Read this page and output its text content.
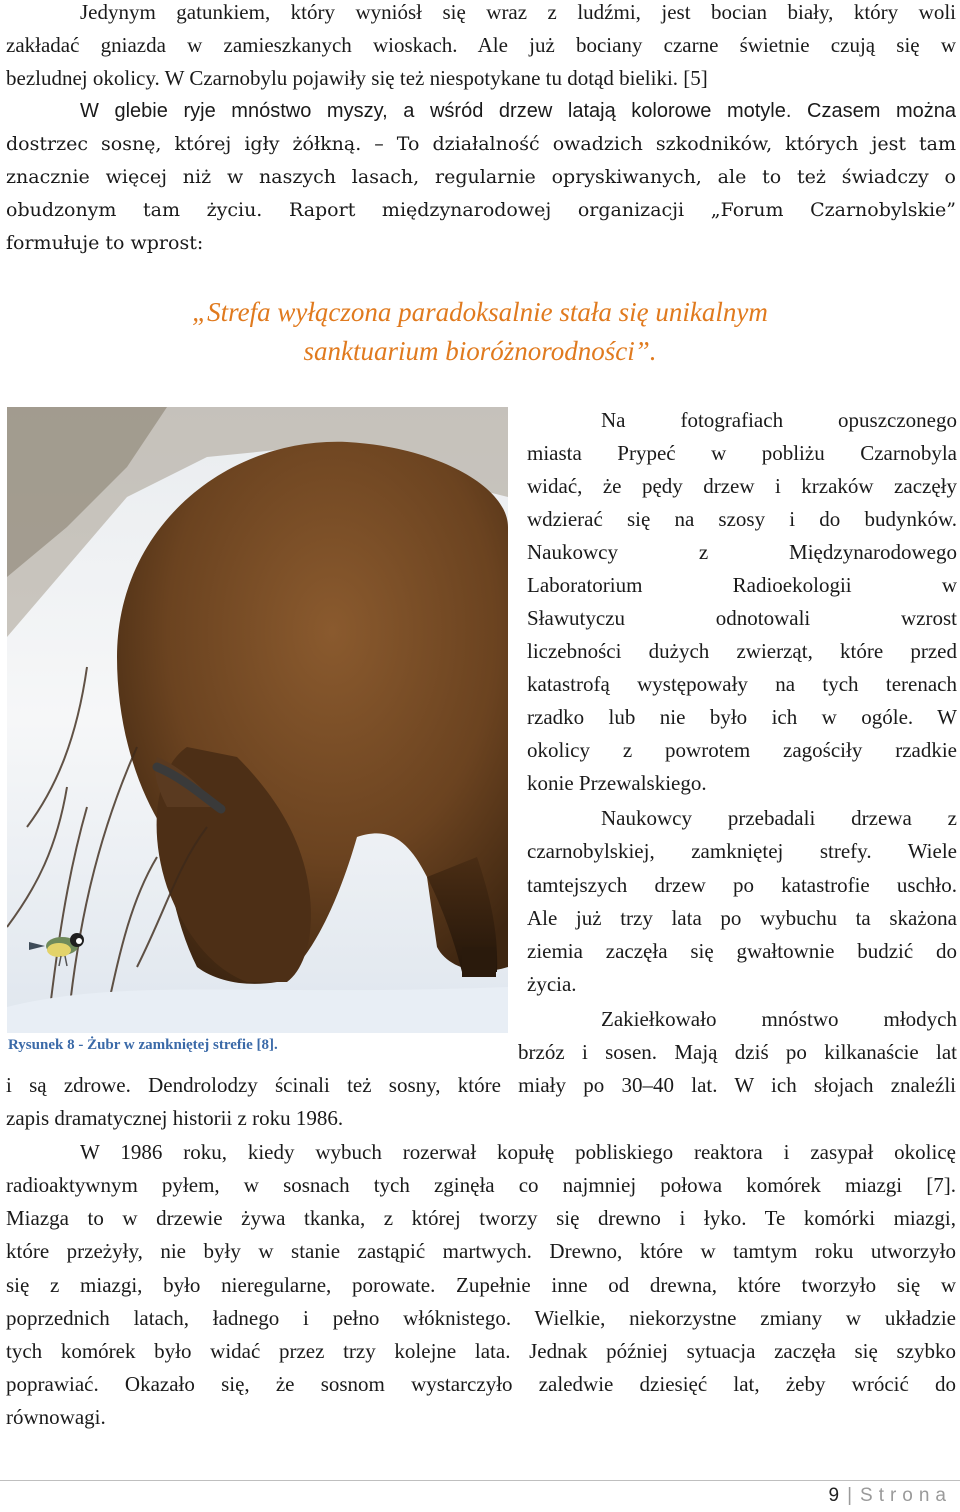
Jedynym gatunkiem, który wyniósł się wraz z ludźmi, jest bocian biały, który woli
zakładać gniazda w zamieszkanych wioskach. Ale już bociany czarne świetnie czują się w
bezludnej okolicy. W Czarnobylu pojawiły się też niespotykane tu dotąd bieliki. [5]
W glebie ryje mnóstwo myszy, a wśród drzew latają kolorowe motyle. Czasem można
dostrzec sosnę, której igły żółkną. – To działalność owadzich szkodników, których jest tam
znacznie więcej niż w naszych lasach, regularnie opryskiwanych, ale to też świadczy o
obudzonym tam życiu. Raport międzynarodowej organizacji „Forum Czarnobylskie”
formułuje to wprost:
„Strefa wyłączona paradoksalnie stała się unikalnym
sanktuarium bioróżnorodności”.
Rysunek 8 - Żubr w zamkniętej strefie [8].
Na fotografiach opuszczonego
miasta Prypeć w pobliżu Czarnobyla
widać, że pędy drzew i krzaków zaczęły
wdzierać się na szosy i do budynków.
Naukowcy z Międzynarodowego
Laboratorium Radioekologii w
Sławutyczu odnotowali wzrost
liczebności dużych zwierząt, które przed
katastrofą występowały na tych terenach
rzadko lub nie było ich w ogóle. W
okolicy z powrotem zagościły rzadkie
konie Przewalskiego.
Naukowcy przebadali drzewa z
czarnobylskiej, zamkniętej strefy. Wiele
tamtejszych drzew po katastrofie uschło.
Ale już trzy lata po wybuchu ta skażona
ziemia zaczęła się gwałtownie budzić do
życia.
Zakiełkowało mnóstwo młodych
brzóz i sosen. Mają dziś po kilkanaście lat
i są zdrowe. Dendrolodzy ścinali też sosny, które miały po 30–40 lat. W ich słojach znaleźli
zapis dramatycznej historii z roku 1986.
W 1986 roku, kiedy wybuch rozerwał kopułę pobliskiego reaktora i zasypał okolicę
radioaktywnym pyłem, w sosnach tych zginęła co najmniej połowa komórek miazgi [7].
Miazga to w drzewie żywa tkanka, z której tworzy się drewno i łyko. Te komórki miazgi,
które przeżyły, nie były w stanie zastąpić martwych. Drewno, które w tamtym roku utworzyło
się z miazgi, było nieregularne, porowate. Zupełnie inne od drewna, które tworzyło się w
poprzednich latach, ładnego i pełno włóknistego. Wielkie, niekorzystne zmiany w układzie
tych komórek było widać przez trzy kolejne lata. Jednak później sytuacja zaczęła się szybko
poprawiać. Okazało się, że sosnom wystarczyło zaledwie dziesięć lat, żeby wrócić do
równowagi.
9 | Strona
